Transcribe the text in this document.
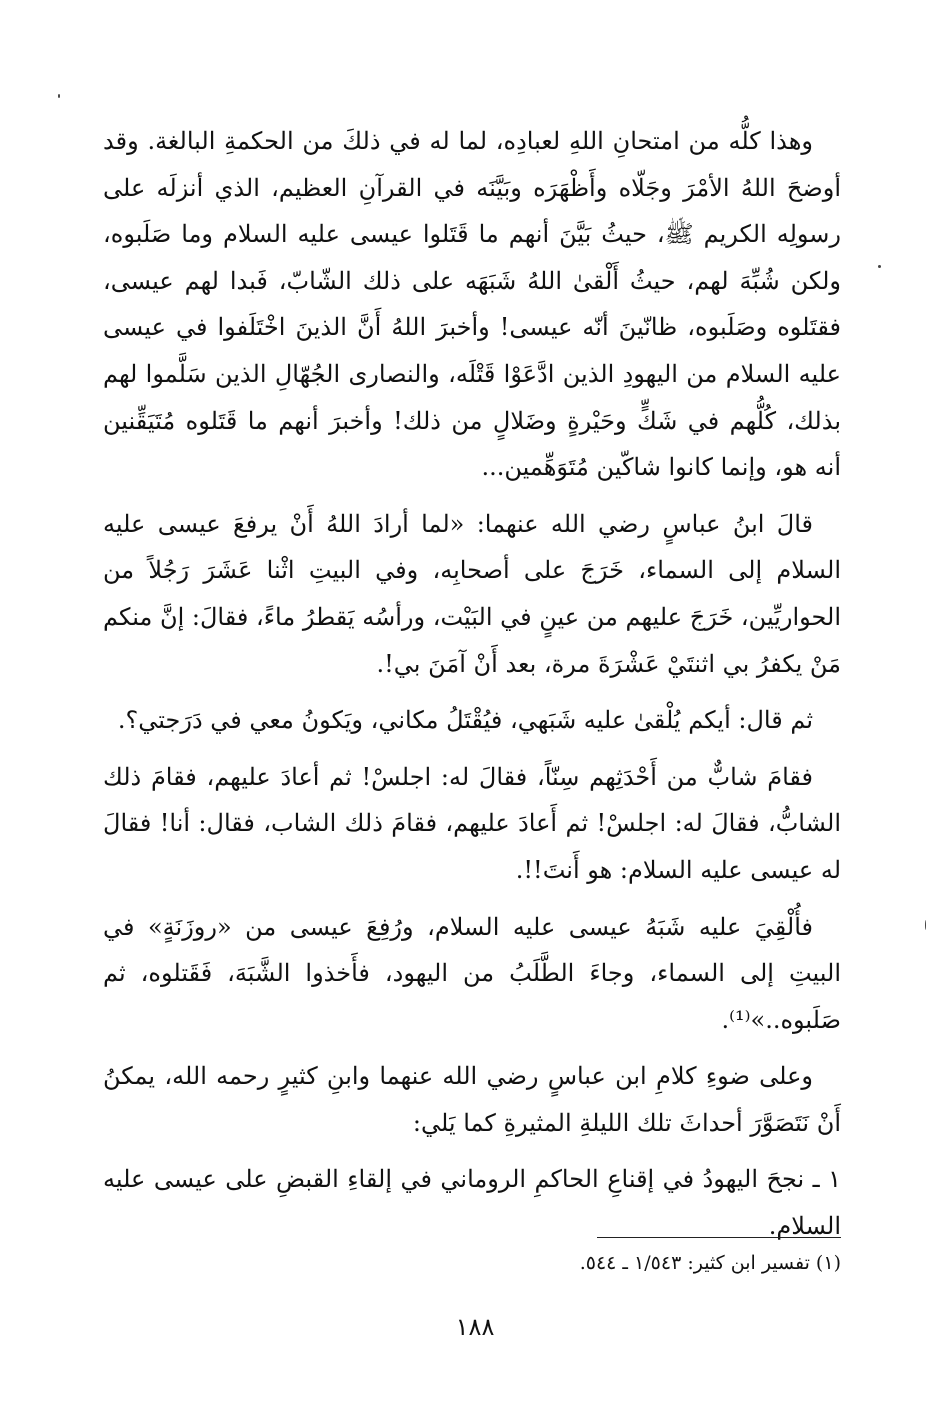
وهذا كلُّه من امتحانِ اللهِ لعبادِه، لما له في ذلكَ من الحكمةِ البالغة. وقد أوضحَ اللهُ الأمْرَ وجَلّاه وأَظْهَرَه وبَيَّنَه في القرآنِ العظيم، الذي أنزلَه على رسولِه الكريم ﷺ، حيثُ بَيَّنَ أنهم ما قَتَلوا عيسى عليه السلام وما صَلَبوه، ولكن شُبِّهَ لهم، حيثُ أَلْقىٰ اللهُ شَبَهَه على ذلك الشّابّ، فَبدا لهم عيسى، فقتَلوه وصَلَبوه، ظانّينَ أنّه عيسى! وأخبرَ اللهُ أَنَّ الذينَ اخْتَلَفوا في عيسى عليه السلام من اليهودِ الذين ادَّعَوْا قَتْلَه، والنصارى الجُهّالِ الذين سَلَّموا لهم بذلك، كُلُّهم في شَكٍّ وحَيْرةٍ وضَلالٍ من ذلك! وأخبرَ أنهم ما قَتَلوه مُتَيَقِّنين أنه هو، وإنما كانوا شاكّين مُتَوَهِّمين...

قالَ ابنُ عباسٍ رضي الله عنهما: «لما أرادَ اللهُ أَنْ يرفعَ عيسى عليه السلام إلى السماء، خَرَجَ على أصحابِه، وفي البيتِ اثْنا عَشَرَ رَجُلاً من الحواريِّين، خَرَجَ عليهم من عينٍ في البَيْت، ورأسُه يَقطرُ ماءً، فقالَ: إنَّ منكم مَنْ يكفرُ بي اثنتَيْ عَشْرَةَ مرة، بعد أَنْ آمَنَ بي!.

ثم قال: أيكم يُلْقىٰ عليه شَبَهي، فيُقْتَلُ مكاني، ويَكونُ معي في دَرَجتي؟.

فقامَ شابٌّ من أَحْدَثِهم سِنّاً، فقالَ له: اجلسْ! ثم أعادَ عليهم، فقامَ ذلك الشابُّ، فقالَ له: اجلسْ! ثم أَعادَ عليهم، فقامَ ذلك الشاب، فقال: أنا! فقالَ له عيسى عليه السلام: هو أَنتَ!!.

فأُلْقِيَ عليه شَبَهُ عيسى عليه السلام، ورُفِعَ عيسى من «روزَنَةٍ» في البيتِ إلى السماء، وجاءَ الطَّلَبُ من اليهود، فأَخذوا الشَّبَهَ، فَقَتلوه، ثم صَلَبوه..»⁽¹⁾.

وعلى ضوءِ كلامِ ابن عباسٍ رضي الله عنهما وابنِ كثيرٍ رحمه الله، يمكنُ أَنْ نَتَصَوَّرَ أحداثَ تلك الليلةِ المثيرةِ كما يَلي:

١ ـ نجحَ اليهودُ في إقناعِ الحاكمِ الروماني في إلقاءِ القبضِ على عيسى عليه السلام.

(١) تفسير ابن كثير: ١/٥٤٣ ـ ٥٤٤.
١٨٨
